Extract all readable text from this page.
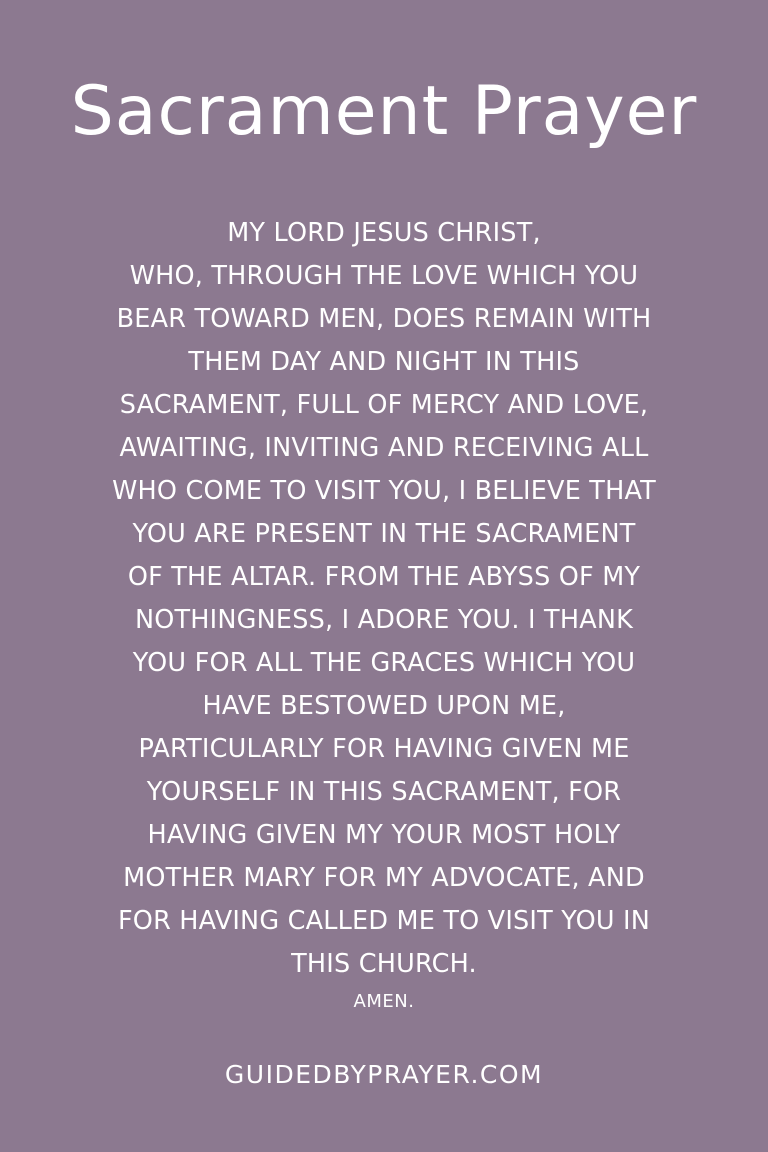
Sacrament Prayer
MY LORD JESUS CHRIST,
WHO, THROUGH THE LOVE WHICH YOU
BEAR TOWARD MEN, DOES REMAIN WITH
THEM DAY AND NIGHT IN THIS
SACRAMENT, FULL OF MERCY AND LOVE,
AWAITING, INVITING AND RECEIVING ALL
WHO COME TO VISIT YOU, I BELIEVE THAT
YOU ARE PRESENT IN THE SACRAMENT
OF THE ALTAR. FROM THE ABYSS OF MY
NOTHINGNESS, I ADORE YOU. I THANK
YOU FOR ALL THE GRACES WHICH YOU
HAVE BESTOWED UPON ME,
PARTICULARLY FOR HAVING GIVEN ME
YOURSELF IN THIS SACRAMENT, FOR
HAVING GIVEN MY YOUR MOST HOLY
MOTHER MARY FOR MY ADVOCATE, AND
FOR HAVING CALLED ME TO VISIT YOU IN
THIS CHURCH.
AMEN.
GUIDEDBYPRAYER.COM
